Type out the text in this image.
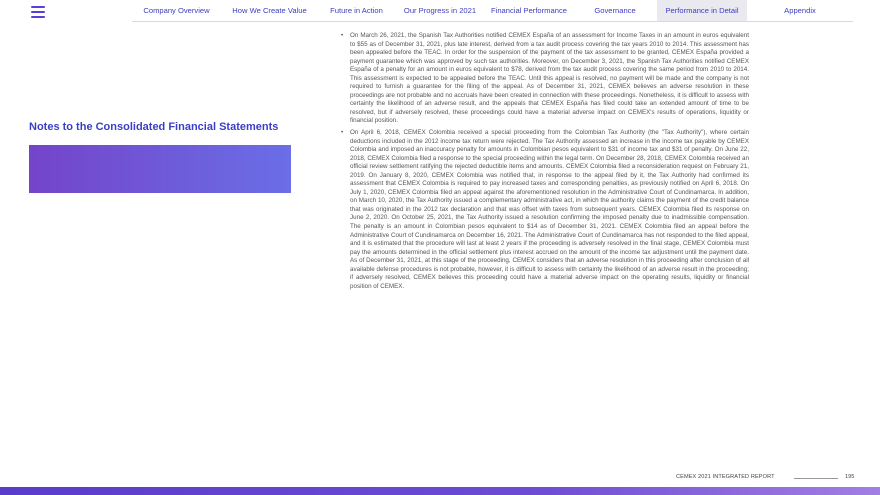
Company Overview	How We Create Value	Future in Action	Our Progress in 2021	Financial Performance	Governance	Performance in Detail	Appendix
Notes to the Consolidated Financial Statements

• On March 26, 2021, the Spanish Tax Authorities notified CEMEX España of an assessment for Income Taxes in an amount in euros equivalent to $55 as of December 31, 2021, plus late interest, derived from a tax audit process covering the tax years 2010 to 2014. This assessment has been appealed before the TEAC. In order for the suspension of the payment of the tax assessment to be granted, CEMEX España provided a payment guarantee which was approved by such tax authorities. Moreover, on December 3, 2021, the Spanish Tax Authorities notified CEMEX España of a penalty for an amount in euros equivalent to $78, derived from the tax audit process covering the same period from 2010 to 2014. This assessment is expected to be appealed before the TEAC. Until this appeal is resolved, no payment will be made and the company is not required to furnish a guarantee for the filing of the appeal. As of December 31, 2021, CEMEX believes an adverse resolution in these proceedings are not probable and no accruals have been created in connection with these proceedings. Nonetheless, it is difficult to assess with certainty the likelihood of an adverse result, and the appeals that CEMEX España has filed could take an extended amount of time to be resolved, but if adversely resolved, these proceedings could have a material adverse impact on CEMEX's results of operations, liquidity or financial position.

• On April 6, 2018, CEMEX Colombia received a special proceeding from the Colombian Tax Authority (the "Tax Authority"), where certain deductions included in the 2012 income tax return were rejected. The Tax Authority assessed an increase in the income tax payable by CEMEX Colombia and imposed an inaccuracy penalty for amounts in Colombian pesos equivalent to $31 of income tax and $31 of penalty. On June 22, 2018, CEMEX Colombia filed a response to the special proceeding within the legal term. On December 28, 2018, CEMEX Colombia received an official review settlement ratifying the rejected deductible items and amounts. CEMEX Colombia filed a reconsideration request on February 21, 2019. On January 8, 2020, CEMEX Colombia was notified that, in response to the appeal filed by it, the Tax Authority had confirmed its assessment that CEMEX Colombia is required to pay increased taxes and corresponding penalties, as previously notified on April 6, 2018. On July 1, 2020, CEMEX Colombia filed an appeal against the aforementioned resolution in the Administrative Court of Cundinamarca. In addition, on March 10, 2020, the Tax Authority issued a complementary administrative act, in which the authority claims the payment of the credit balance that was originated in the 2012 tax declaration and that was offset with taxes from subsequent years. CEMEX Colombia filed its response on June 2, 2020. On October 25, 2021, the Tax Authority issued a resolution confirming the imposed penalty due to inadmissible compensation. The penalty is an amount in Colombian pesos equivalent to $14 as of December 31, 2021. CEMEX Colombia filed an appeal before the Administrative Court of Cundinamarca on December 16, 2021. The Administrative Court of Cundinamarca has not responded to the filed appeal, and it is estimated that the procedure will last at least 2 years if the proceeding is adversely resolved in the final stage, CEMEX Colombia must pay the amounts determined in the official settlement plus interest accrued on the amount of the income tax adjustment until the payment date. As of December 31, 2021, at this stage of the proceeding, CEMEX considers that an adverse resolution in this proceeding after conclusion of all available defense procedures is not probable, however, it is difficult to assess with certainty the likelihood of an adverse result in the proceeding; if adversely resolved, CEMEX believes this proceeding could have a material adverse impact on the operating results, liquidity or financial position of CEMEX.

CEMEX 2021 INTEGRATED REPORT	195
